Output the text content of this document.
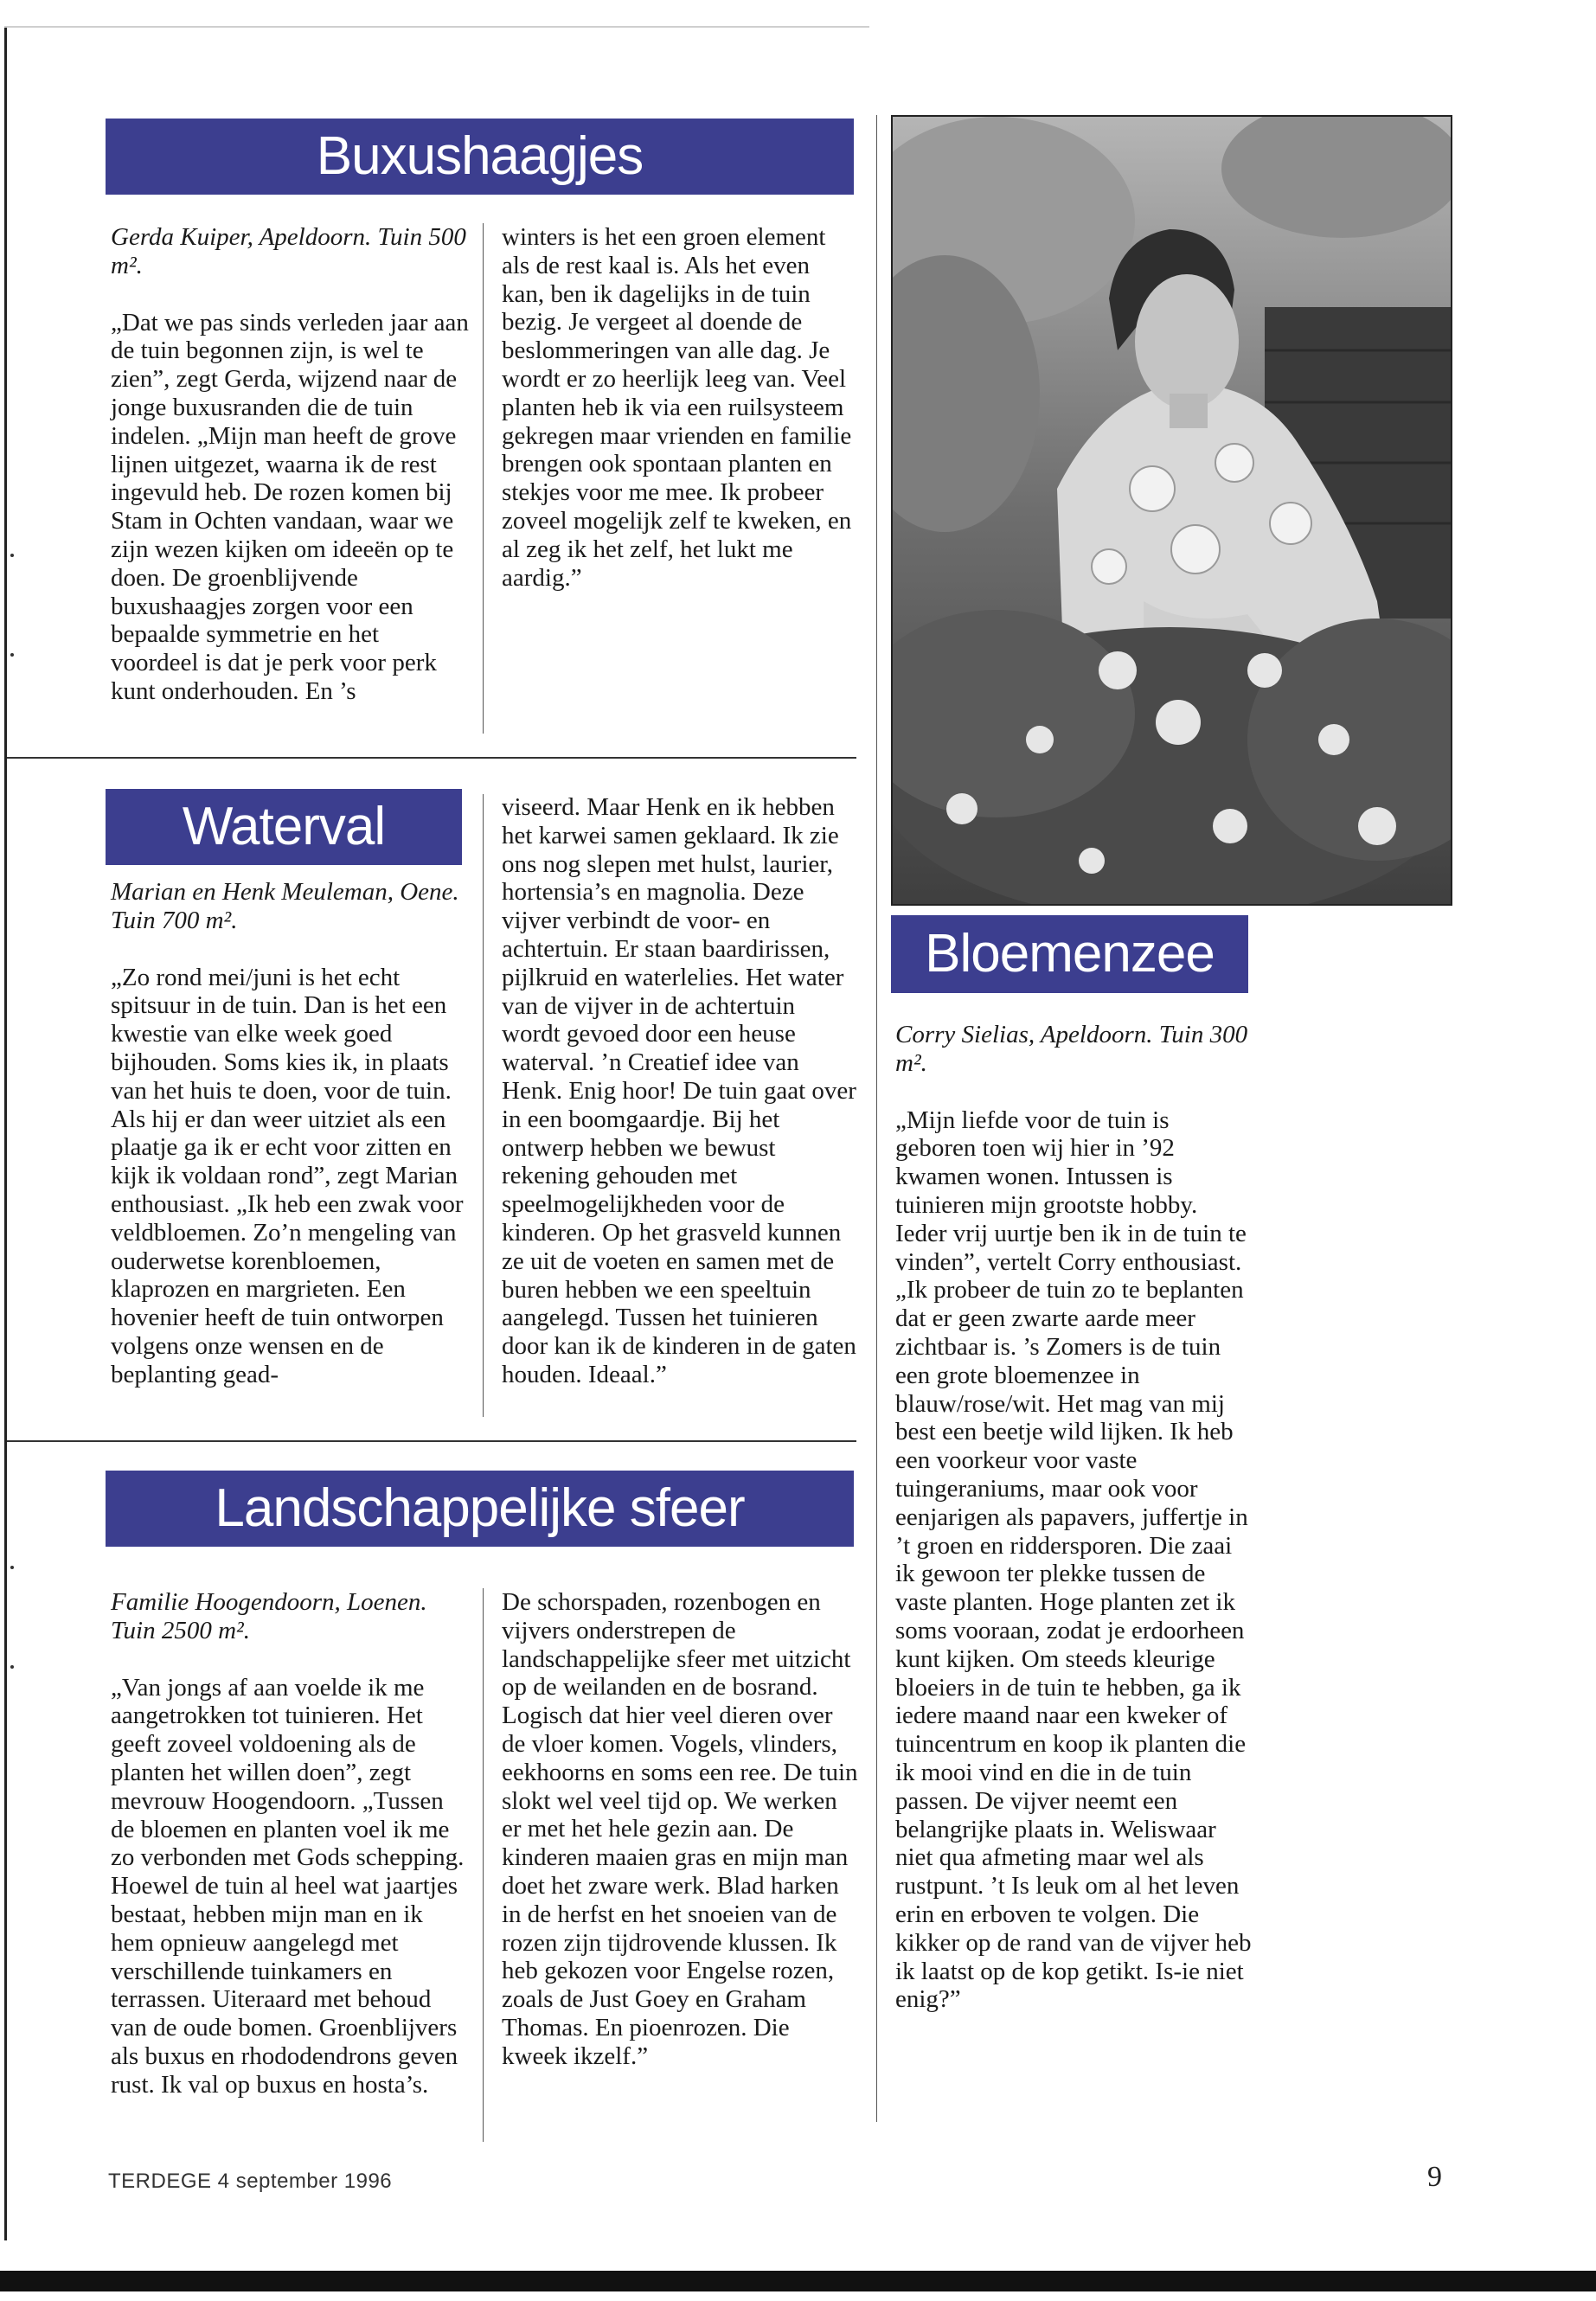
Buxushaagjes

Gerda Kuiper, Apeldoorn. Tuin 500 m².

„Dat we pas sinds verleden jaar aan de tuin begonnen zijn, is wel te zien”, zegt Gerda, wijzend naar de jonge buxusranden die de tuin indelen. „Mijn man heeft de grove lijnen uitgezet, waarna ik de rest ingevuld heb. De rozen komen bij Stam in Ochten vandaan, waar we zijn wezen kijken om ideeën op te doen. De groenblijvende buxushaagjes zorgen voor een bepaalde symmetrie en het voordeel is dat je perk voor perk kunt onderhouden. En ’s

winters is het een groen element als de rest kaal is. Als het even kan, ben ik dagelijks in de tuin bezig. Je vergeet al doende de beslommeringen van alle dag. Je wordt er zo heerlijk leeg van. Veel planten heb ik via een ruilsysteem gekregen maar vrienden en familie brengen ook spontaan planten en stekjes voor me mee. Ik probeer zoveel mogelijk zelf te kweken, en al zeg ik het zelf, het lukt me aardig.”

Waterval

Marian en Henk Meuleman, Oene. Tuin 700 m².

„Zo rond mei/juni is het echt spitsuur in de tuin. Dan is het een kwestie van elke week goed bijhouden. Soms kies ik, in plaats van het huis te doen, voor de tuin. Als hij er dan weer uitziet als een plaatje ga ik er echt voor zitten en kijk ik voldaan rond”, zegt Marian enthousiast. „Ik heb een zwak voor veldbloemen. Zo’n mengeling van ouderwetse korenbloemen, klaprozen en margrieten. Een hovenier heeft de tuin ontworpen volgens onze wensen en de beplanting gead-

viseerd. Maar Henk en ik hebben het karwei samen geklaard. Ik zie ons nog slepen met hulst, laurier, hortensia’s en magnolia. Deze vijver verbindt de voor- en achtertuin. Er staan baardirissen, pijlkruid en waterlelies. Het water van de vijver in de achtertuin wordt gevoed door een heuse waterval. ’n Creatief idee van Henk. Enig hoor! De tuin gaat over in een boomgaardje. Bij het ontwerp hebben we bewust rekening gehouden met speelmogelijkheden voor de kinderen. Op het grasveld kunnen ze uit de voeten en samen met de buren hebben we een speeltuin aangelegd. Tussen het tuinieren door kan ik de kinderen in de gaten houden. Ideaal.”

Landschappelijke sfeer

Familie Hoogendoorn, Loenen. Tuin 2500 m².

„Van jongs af aan voelde ik me aangetrokken tot tuinieren. Het geeft zoveel voldoening als de planten het willen doen”, zegt mevrouw Hoogendoorn. „Tussen de bloemen en planten voel ik me zo verbonden met Gods schepping. Hoewel de tuin al heel wat jaartjes bestaat, hebben mijn man en ik hem opnieuw aangelegd met verschillende tuinkamers en terrassen. Uiteraard met behoud van de oude bomen. Groenblijvers als buxus en rhododendrons geven rust. Ik val op buxus en hosta’s.

De schorspaden, rozenbogen en vijvers onderstrepen de landschappelijke sfeer met uitzicht op de weilanden en de bosrand. Logisch dat hier veel dieren over de vloer komen. Vogels, vlinders, eekhoorns en soms een ree. De tuin slokt wel veel tijd op. We werken er met het hele gezin aan. De kinderen maaien gras en mijn man doet het zware werk. Blad harken in de herfst en het snoeien van de rozen zijn tijdrovende klussen. Ik heb gekozen voor Engelse rozen, zoals de Just Goey en Graham Thomas. En pioenrozen. Die kweek ikzelf.”

Bloemenzee

Corry Sielias, Apeldoorn. Tuin 300 m².

„Mijn liefde voor de tuin is geboren toen wij hier in ’92 kwamen wonen. Intussen is tuinieren mijn grootste hobby. Ieder vrij uurtje ben ik in de tuin te vinden”, vertelt Corry enthousiast. „Ik probeer de tuin zo te beplanten dat er geen zwarte aarde meer zichtbaar is. ’s Zomers is de tuin een grote bloemenzee in blauw/rose/wit. Het mag van mij best een beetje wild lijken. Ik heb een voorkeur voor vaste tuingeraniums, maar ook voor eenjarigen als papavers, juffertje in ’t groen en riddersporen. Die zaai ik gewoon ter plekke tussen de vaste planten. Hoge planten zet ik soms vooraan, zodat je erdoorheen kunt kijken. Om steeds kleurige bloeiers in de tuin te hebben, ga ik iedere maand naar een kweker of tuincentrum en koop ik planten die ik mooi vind en die in de tuin passen. De vijver neemt een belangrijke plaats in. Weliswaar niet qua afmeting maar wel als rustpunt. ’t Is leuk om al het leven erin en erboven te volgen. Die kikker op de rand van de vijver heb ik laatst op de kop getikt. Is-ie niet enig?”

TERDEGE 4 september 1996	9
